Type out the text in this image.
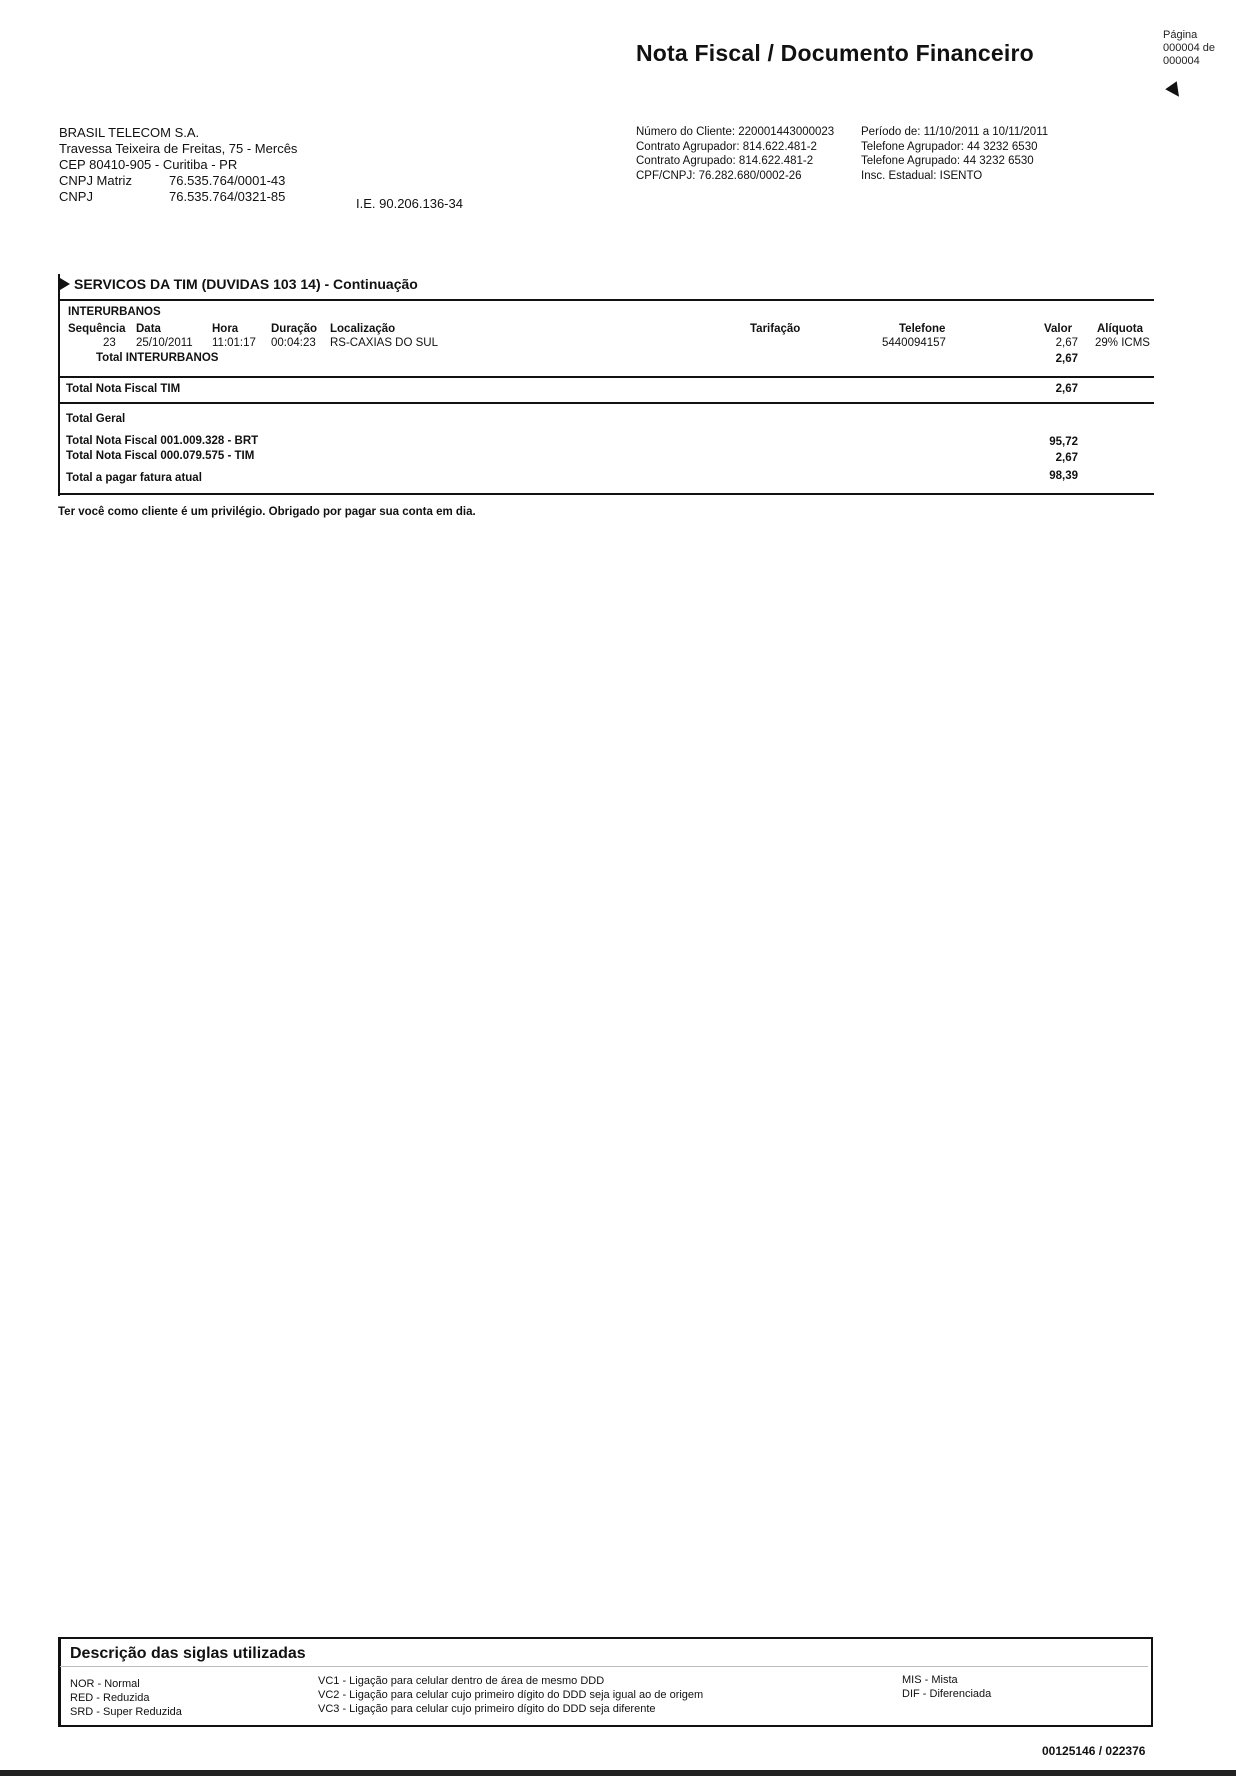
Nota Fiscal / Documento Financeiro
Página
000004 de
000004
BRASIL TELECOM S.A.
Travessa Teixeira de Freitas, 75 - Mercês
CEP 80410-905 - Curitiba - PR
CNPJ Matriz	76.535.764/0001-43
CNPJ	76.535.764/0321-85	I.E. 90.206.136-34
Número do Cliente: 220001443000023
Contrato Agrupador: 814.622.481-2
Contrato Agrupado: 814.622.481-2
CPF/CNPJ: 76.282.680/0002-26
Período de: 11/10/2011 a 10/11/2011
Telefone Agrupador: 44 3232 6530
Telefone Agrupado: 44 3232 6530
Insc. Estadual: ISENTO
SERVICOS DA TIM (DUVIDAS 103 14) - Continuação
INTERURBANOS
Sequência Data	Hora	Duração Localização	Tarifação	Telefone	Valor Alíquota
23 25/10/2011 11:01:17 00:04:23 RS-CAXIAS DO SUL	5440094157	2,67 29% ICMS
Total INTERURBANOS	2,67
Total Nota Fiscal TIM	2,67
Total Geral
Total Nota Fiscal 001.009.328 - BRT	95,72
Total Nota Fiscal 000.079.575 - TIM	2,67
Total a pagar fatura atual	98,39
Ter você como cliente é um privilégio. Obrigado por pagar sua conta em dia.
Descrição das siglas utilizadas
NOR - Normal
RED - Reduzida
SRD - Super Reduzida
VC1 - Ligação para celular dentro de área de mesmo DDD
VC2 - Ligação para celular cujo primeiro dígito do DDD seja igual ao de origem
VC3 - Ligação para celular cujo primeiro dígito do DDD seja diferente
MIS - Mista
DIF - Diferenciada
00125146 / 022376
